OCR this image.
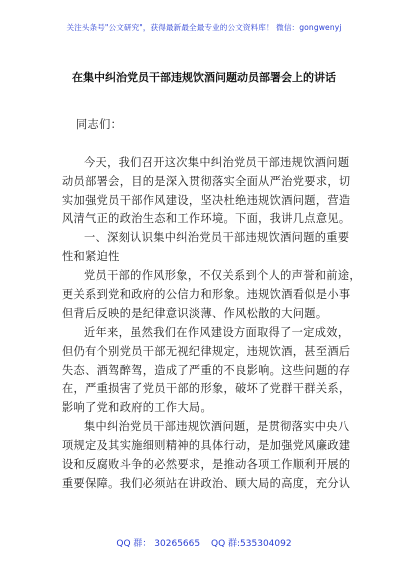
关注头条号"公文研究"，获得最新最全最专业的公文资料库！ 微信：gongwenyj
在集中纠治党员干部违规饮酒问题动员部署会上的讲话
同志们：
今天，我们召开这次集中纠治党员干部违规饮酒问题
动员部署会，目的是深入贯彻落实全面从严治党要求，切
实加强党员干部作风建设，坚决杜绝违规饮酒问题，营造
风清气正的政治生态和工作环境。下面，我讲几点意见。
一、深刻认识集中纠治党员干部违规饮酒问题的重要
性和紧迫性
党员干部的作风形象，不仅关系到个人的声誉和前途，
更关系到党和政府的公信力和形象。违规饮酒看似是小事
但背后反映的是纪律意识淡薄、作风松散的大问题。
近年来，虽然我们在作风建设方面取得了一定成效，
但仍有个别党员干部无视纪律规定，违规饮酒，甚至酒后
失态、酒驾醉驾，造成了严重的不良影响。这些问题的存
在，严重损害了党员干部的形象，破坏了党群干群关系，
影响了党和政府的工作大局。
集中纠治党员干部违规饮酒问题，是贯彻落实中央八
项规定及其实施细则精神的具体行动，是加强党风廉政建
设和反腐败斗争的必然要求，是推动各项工作顺利开展的
重要保障。我们必须站在讲政治、顾大局的高度，充分认
QQ 群： 30265665 QQ 群:535304092
